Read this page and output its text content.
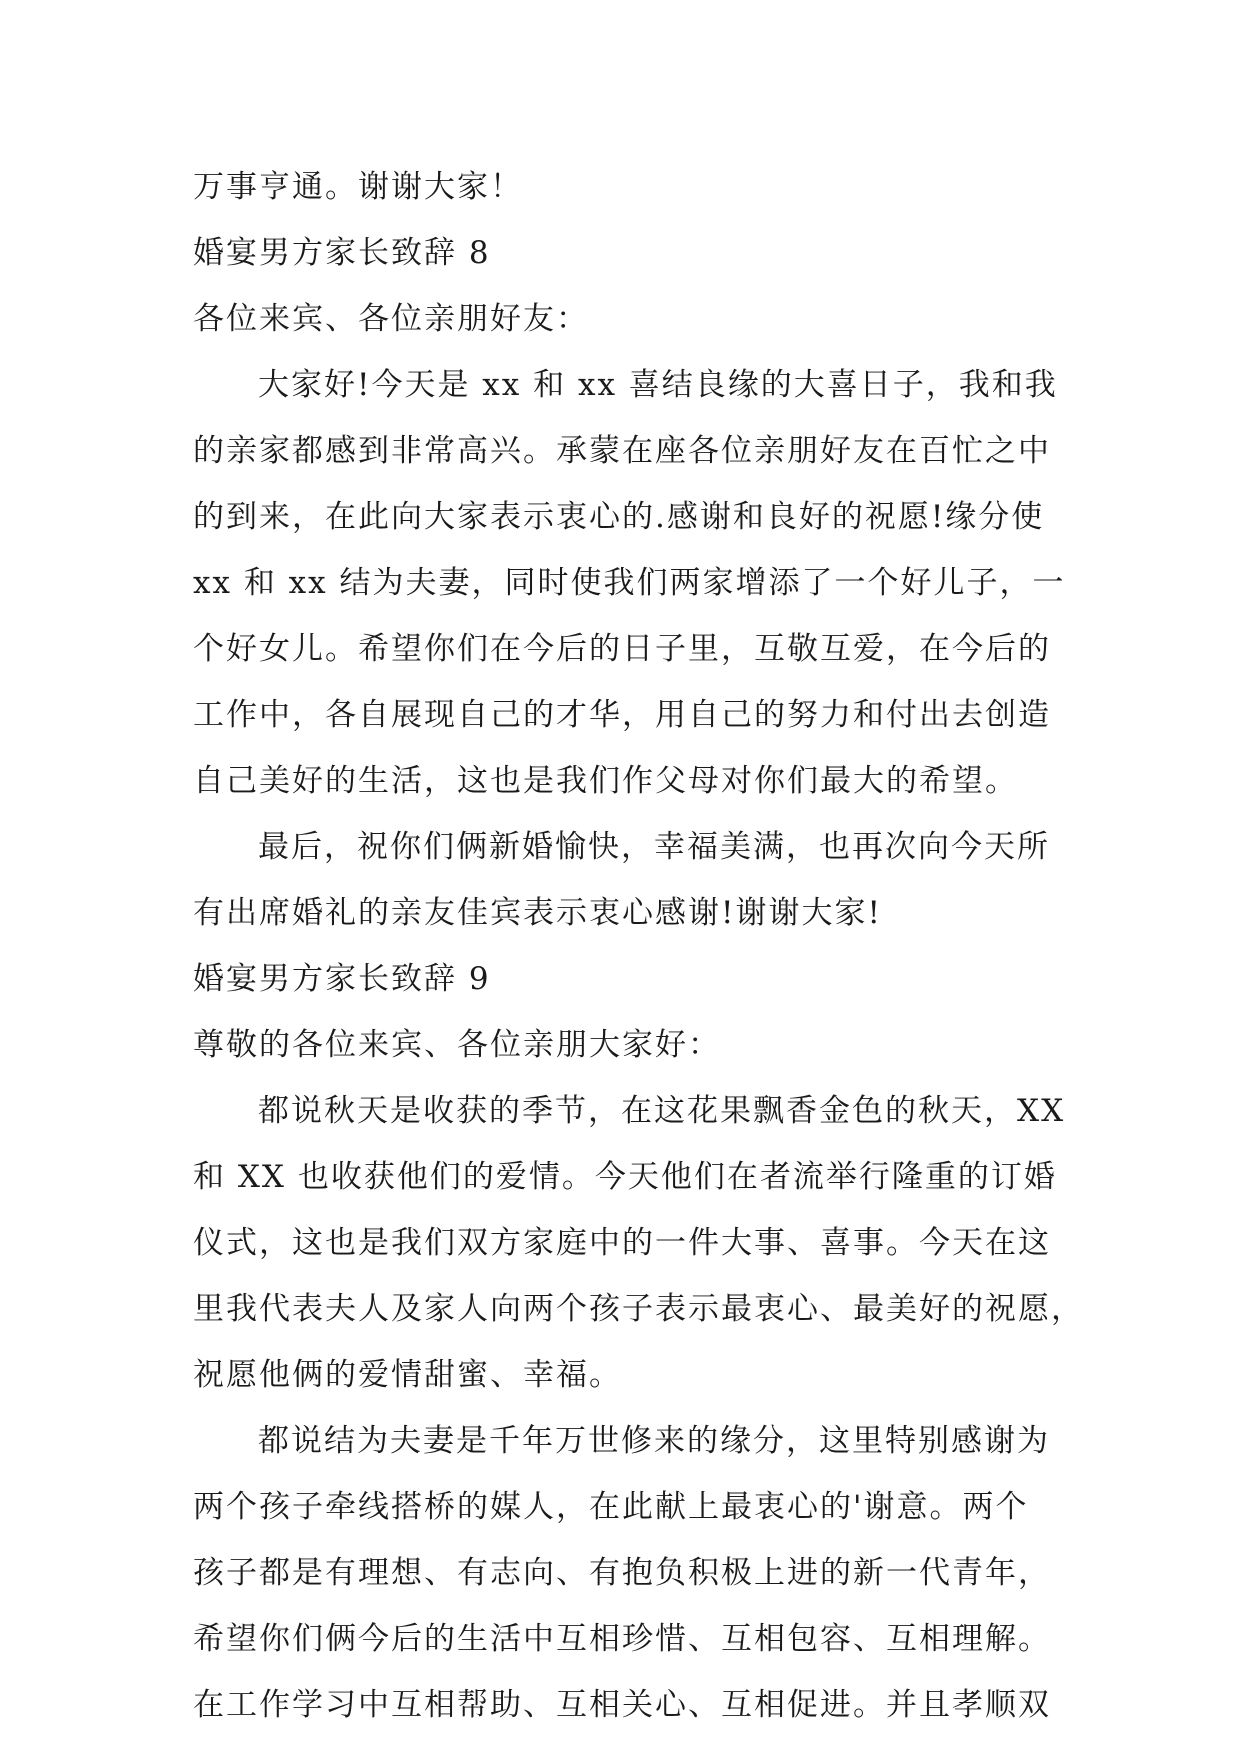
万事亨通。谢谢大家！
婚宴男方家长致辞 8
各位来宾、各位亲朋好友：
大家好!今天是 xx 和 xx 喜结良缘的大喜日子，我和我
的亲家都感到非常高兴。承蒙在座各位亲朋好友在百忙之中
的到来，在此向大家表示衷心的.感谢和良好的祝愿!缘分使
xx 和 xx 结为夫妻，同时使我们两家增添了一个好儿子，一
个好女儿。希望你们在今后的日子里，互敬互爱，在今后的
工作中，各自展现自己的才华，用自己的努力和付出去创造
自己美好的生活，这也是我们作父母对你们最大的希望。
最后，祝你们俩新婚愉快，幸福美满，也再次向今天所
有出席婚礼的亲友佳宾表示衷心感谢!谢谢大家!
婚宴男方家长致辞 9
尊敬的各位来宾、各位亲朋大家好：
都说秋天是收获的季节，在这花果飘香金色的秋天，XX
和 XX 也收获他们的爱情。今天他们在者流举行隆重的订婚
仪式，这也是我们双方家庭中的一件大事、喜事。今天在这
里我代表夫人及家人向两个孩子表示最衷心、最美好的祝愿，
祝愿他俩的爱情甜蜜、幸福。
都说结为夫妻是千年万世修来的缘分，这里特别感谢为
两个孩子牵线搭桥的媒人，在此献上最衷心的'谢意。两个
孩子都是有理想、有志向、有抱负积极上进的新一代青年，
希望你们俩今后的生活中互相珍惜、互相包容、互相理解。
在工作学习中互相帮助、互相关心、互相促进。并且孝顺双
